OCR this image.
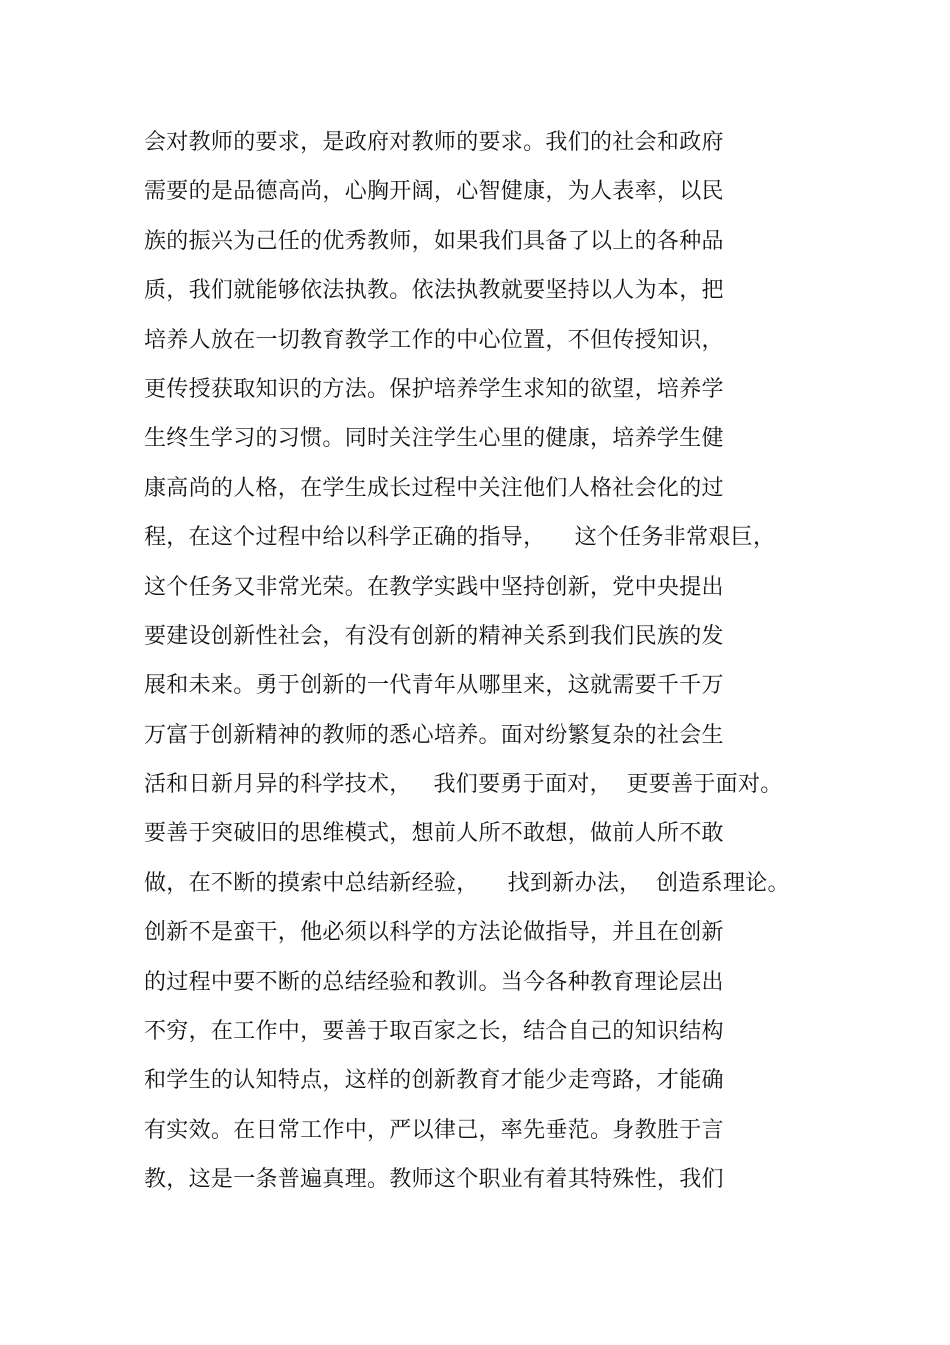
会对教师的要求，是政府对教师的要求。我们的社会和政府
需要的是品德高尚，心胸开阔，心智健康，为人表率，以民
族的振兴为己任的优秀教师，如果我们具备了以上的各种品
质，我们就能够依法执教。依法执教就要坚持以人为本，把
培养人放在一切教育教学工作的中心位置，不但传授知识，
更传授获取知识的方法。保护培养学生求知的欲望，培养学
生终生学习的习惯。同时关注学生心里的健康，培养学生健
康高尚的人格，在学生成长过程中关注他们人格社会化的过
程，在这个过程中给以科学正确的指导，    这个任务非常艰巨，
这个任务又非常光荣。在教学实践中坚持创新，党中央提出
要建设创新性社会，有没有创新的精神关系到我们民族的发
展和未来。勇于创新的一代青年从哪里来，这就需要千千万
万富于创新精神的教师的悉心培养。面对纷繁复杂的社会生
活和日新月异的科学技术，   我们要勇于面对，  更要善于面对。
要善于突破旧的思维模式，想前人所不敢想，做前人所不敢
做，在不断的摸索中总结新经验，    找到新办法，  创造系理论。
创新不是蛮干，他必须以科学的方法论做指导，并且在创新
的过程中要不断的总结经验和教训。当今各种教育理论层出
不穷，在工作中，要善于取百家之长，结合自己的知识结构
和学生的认知特点，这样的创新教育才能少走弯路，才能确
有实效。在日常工作中，严以律己，率先垂范。身教胜于言
教，这是一条普遍真理。教师这个职业有着其特殊性，我们
